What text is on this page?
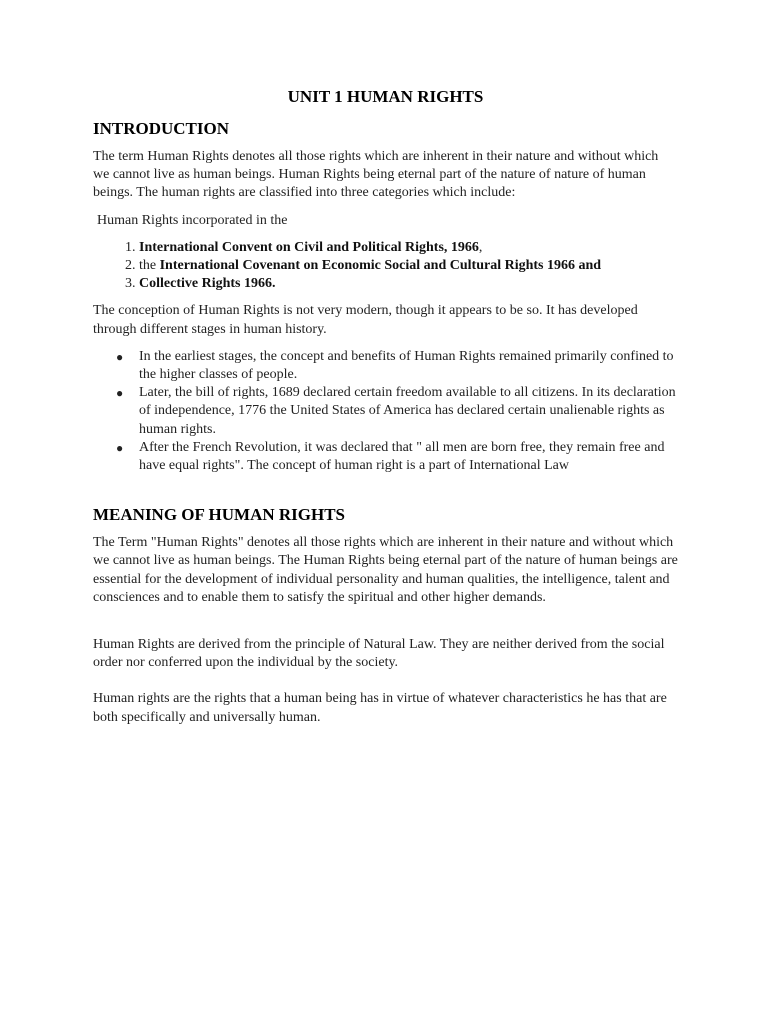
UNIT 1 HUMAN RIGHTS
INTRODUCTION

The term Human Rights denotes all those rights which are inherent in their nature and without which we cannot live as human beings. Human Rights being eternal part of the nature of nature of human beings. The human rights are classified into three categories which include:

Human Rights incorporated in the

1. International Convent on Civil and Political Rights, 1966,
2. the International Covenant on Economic Social and Cultural Rights 1966 and
3. Collective Rights 1966.

The conception of Human Rights is not very modern, though it appears to be so. It has developed through different stages in human history.

● In the earliest stages, the concept and benefits of Human Rights remained primarily confined to the higher classes of people.
● Later, the bill of rights, 1689 declared certain freedom available to all citizens. In its declaration of independence, 1776 the United States of America has declared certain unalienable rights as human rights.
● After the French Revolution, it was declared that " all men are born free, they remain free and have equal rights". The concept of human right is a part of International Law
MEANING OF HUMAN RIGHTS

The Term "Human Rights" denotes all those rights which are inherent in their nature and without which we cannot live as human beings. The Human Rights being eternal part of the nature of human beings are essential for the development of individual personality and human qualities, the intelligence, talent and consciences and to enable them to satisfy the spiritual and other higher demands.

Human Rights are derived from the principle of Natural Law. They are neither derived from the social order nor conferred upon the individual by the society.

Human rights are the rights that a human being has in virtue of whatever characteristics he has that are both specifically and universally human.
